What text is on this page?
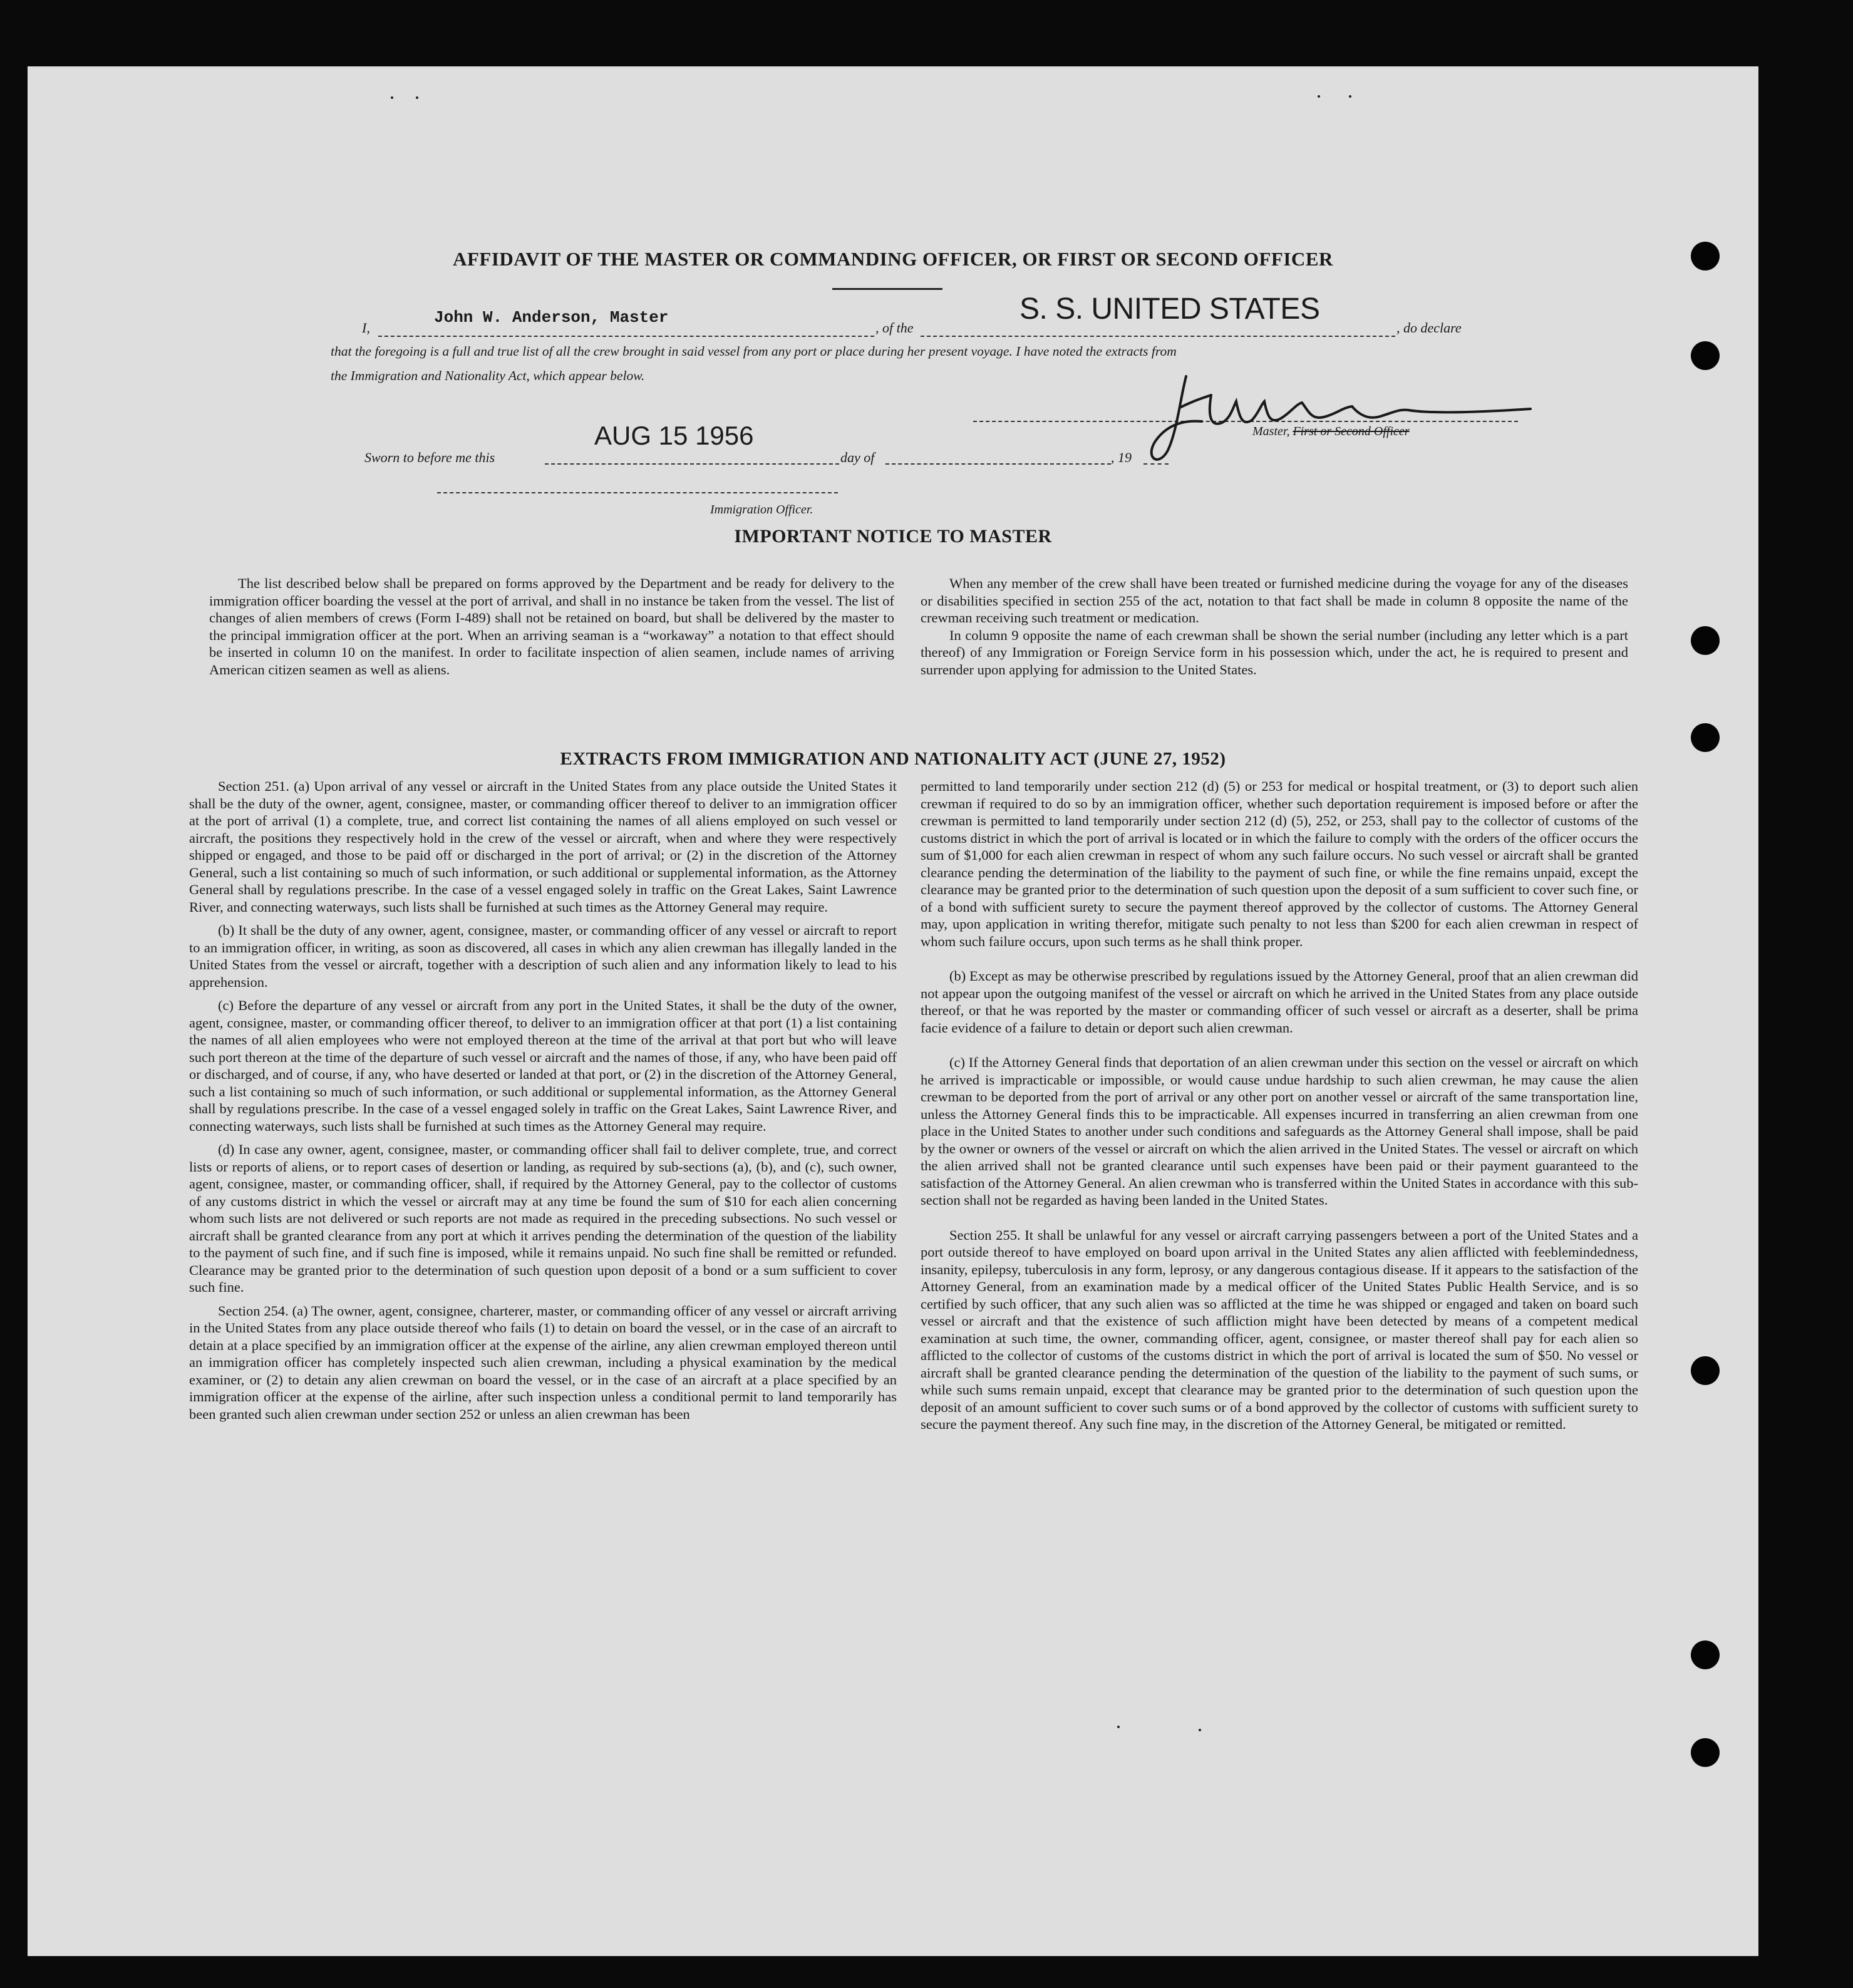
AFFIDAVIT OF THE MASTER OR COMMANDING OFFICER, OR FIRST OR SECOND OFFICER
I,
John W. Anderson, Master
, of the
S. S. UNITED STATES
, do declare
that the foregoing is a full and true list of all the crew brought in said vessel from any port or place during her present voyage. I have noted the extracts from
the Immigration and Nationality Act, which appear below.
Master, First or Second Officer
Sworn to before me this
AUG 15 1956
day of	, 19
Immigration Officer.
IMPORTANT NOTICE TO MASTER

The list described below shall be prepared on forms approved by the Department and be ready for delivery to the immigration officer boarding the vessel at the port of arrival, and shall in no instance be taken from the vessel. The list of changes of alien members of crews (Form I-489) shall not be retained on board, but shall be delivered by the master to the principal immigration officer at the port. When an arriving seaman is a “workaway” a notation to that effect should be inserted in column 10 on the manifest. In order to facilitate inspection of alien seamen, include names of arriving American citizen seamen as well as aliens.

When any member of the crew shall have been treated or furnished medicine during the voyage for any of the diseases or disabilities specified in section 255 of the act, notation to that fact shall be made in column 8 opposite the name of the crewman receiving such treatment or medication.

In column 9 opposite the name of each crewman shall be shown the serial number (including any letter which is a part thereof) of any Immigration or Foreign Service form in his possession which, under the act, he is required to present and surrender upon applying for admission to the United States.

EXTRACTS FROM IMMIGRATION AND NATIONALITY ACT (JUNE 27, 1952)

Section 251. (a) Upon arrival of any vessel or aircraft in the United States from any place outside the United States it shall be the duty of the owner, agent, consignee, master, or commanding officer thereof to deliver to an immigration officer at the port of arrival (1) a complete, true, and correct list containing the names of all aliens employed on such vessel or aircraft, the positions they respectively hold in the crew of the vessel or aircraft, when and where they were respectively shipped or engaged, and those to be paid off or discharged in the port of arrival; or (2) in the discretion of the Attorney General, such a list containing so much of such information, or such additional or supplemental information, as the Attorney General shall by regulations prescribe. In the case of a vessel engaged solely in traffic on the Great Lakes, Saint Lawrence River, and connecting waterways, such lists shall be furnished at such times as the Attorney General may require.

(b) It shall be the duty of any owner, agent, consignee, master, or commanding officer of any vessel or aircraft to report to an immigration officer, in writing, as soon as discovered, all cases in which any alien crewman has illegally landed in the United States from the vessel or aircraft, together with a description of such alien and any information likely to lead to his apprehension.

(c) Before the departure of any vessel or aircraft from any port in the United States, it shall be the duty of the owner, agent, consignee, master, or commanding officer thereof, to deliver to an immigration officer at that port (1) a list containing the names of all alien employees who were not employed thereon at the time of the arrival at that port but who will leave such port thereon at the time of the departure of such vessel or aircraft and the names of those, if any, who have been paid off or discharged, and of course, if any, who have deserted or landed at that port, or (2) in the discretion of the Attorney General, such a list containing so much of such information, or such additional or supplemental information, as the Attorney General shall by regulations prescribe. In the case of a vessel engaged solely in traffic on the Great Lakes, Saint Lawrence River, and connecting waterways, such lists shall be furnished at such times as the Attorney General may require.

(d) In case any owner, agent, consignee, master, or commanding officer shall fail to deliver complete, true, and correct lists or reports of aliens, or to report cases of desertion or landing, as required by sub-sections (a), (b), and (c), such owner, agent, consignee, master, or commanding officer, shall, if required by the Attorney General, pay to the collector of customs of any customs district in which the vessel or aircraft may at any time be found the sum of $10 for each alien concerning whom such lists are not delivered or such reports are not made as required in the preceding subsections. No such vessel or aircraft shall be granted clearance from any port at which it arrives pending the determination of the question of the liability to the payment of such fine, and if such fine is imposed, while it remains unpaid. No such fine shall be remitted or refunded. Clearance may be granted prior to the determination of such question upon deposit of a bond or a sum sufficient to cover such fine.

Section 254. (a) The owner, agent, consignee, charterer, master, or commanding officer of any vessel or aircraft arriving in the United States from any place outside thereof who fails (1) to detain on board the vessel, or in the case of an aircraft to detain at a place specified by an immigration officer at the expense of the airline, any alien crewman employed thereon until an immigration officer has completely inspected such alien crewman, including a physical examination by the medical examiner, or (2) to detain any alien crewman on board the vessel, or in the case of an aircraft at a place specified by an immigration officer at the expense of the airline, after such inspection unless a conditional permit to land temporarily has been granted such alien crewman under section 252 or unless an alien crewman has been

permitted to land temporarily under section 212 (d) (5) or 253 for medical or hospital treatment, or (3) to deport such alien crewman if required to do so by an immigration officer, whether such deportation requirement is imposed before or after the crewman is permitted to land temporarily under section 212 (d) (5), 252, or 253, shall pay to the collector of customs of the customs district in which the port of arrival is located or in which the failure to comply with the orders of the officer occurs the sum of $1,000 for each alien crewman in respect of whom any such failure occurs. No such vessel or aircraft shall be granted clearance pending the determination of the liability to the payment of such fine, or while the fine remains unpaid, except the clearance may be granted prior to the determination of such question upon the deposit of a sum sufficient to cover such fine, or of a bond with sufficient surety to secure the payment thereof approved by the collector of customs. The Attorney General may, upon application in writing therefor, mitigate such penalty to not less than $200 for each alien crewman in respect of whom such failure occurs, upon such terms as he shall think proper.

(b) Except as may be otherwise prescribed by regulations issued by the Attorney General, proof that an alien crewman did not appear upon the outgoing manifest of the vessel or aircraft on which he arrived in the United States from any place outside thereof, or that he was reported by the master or commanding officer of such vessel or aircraft as a deserter, shall be prima facie evidence of a failure to detain or deport such alien crewman.

(c) If the Attorney General finds that deportation of an alien crewman under this section on the vessel or aircraft on which he arrived is impracticable or impossible, or would cause undue hardship to such alien crewman, he may cause the alien crewman to be deported from the port of arrival or any other port on another vessel or aircraft of the same transportation line, unless the Attorney General finds this to be impracticable. All expenses incurred in transferring an alien crewman from one place in the United States to another under such conditions and safeguards as the Attorney General shall impose, shall be paid by the owner or owners of the vessel or aircraft on which the alien arrived in the United States. The vessel or aircraft on which the alien arrived shall not be granted clearance until such expenses have been paid or their payment guaranteed to the satisfaction of the Attorney General. An alien crewman who is transferred within the United States in accordance with this sub-section shall not be regarded as having been landed in the United States.

Section 255. It shall be unlawful for any vessel or aircraft carrying passengers between a port of the United States and a port outside thereof to have employed on board upon arrival in the United States any alien afflicted with feeblemindedness, insanity, epilepsy, tuberculosis in any form, leprosy, or any dangerous contagious disease. If it appears to the satisfaction of the Attorney General, from an examination made by a medical officer of the United States Public Health Service, and is so certified by such officer, that any such alien was so afflicted at the time he was shipped or engaged and taken on board such vessel or aircraft and that the existence of such affliction might have been detected by means of a competent medical examination at such time, the owner, commanding officer, agent, consignee, or master thereof shall pay for each alien so afflicted to the collector of customs of the customs district in which the port of arrival is located the sum of $50. No vessel or aircraft shall be granted clearance pending the determination of the question of the liability to the payment of such sums, or while such sums remain unpaid, except that clearance may be granted prior to the determination of such question upon the deposit of an amount sufficient to cover such sums or of a bond approved by the collector of customs with sufficient surety to secure the payment thereof. Any such fine may, in the discretion of the Attorney General, be mitigated or remitted.
